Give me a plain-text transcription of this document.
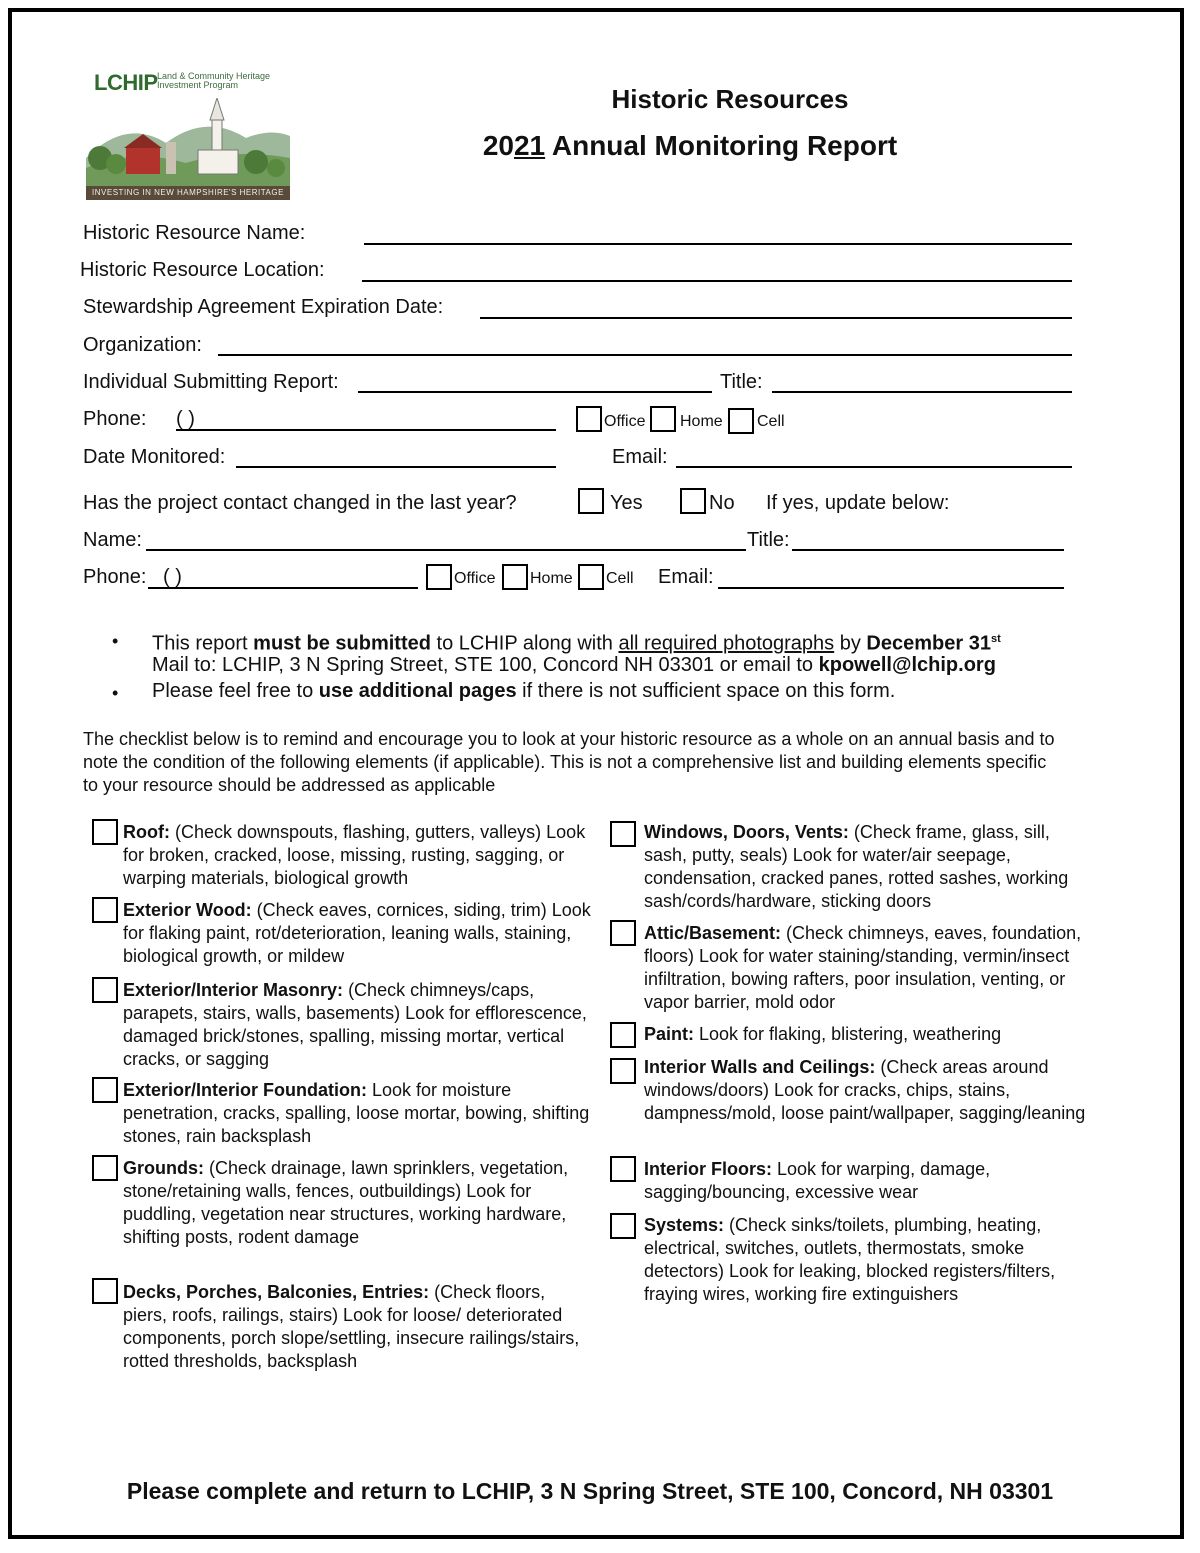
LCHIP Land & Community Heritage Investment Program
INVESTING IN NEW HAMPSHIRE'S HERITAGE
Historic Resources
2021 Annual Monitoring Report
Historic Resource Name:
Historic Resource Location:
Stewardship Agreement Expiration Date:
Organization:
Individual Submitting Report:	Title:
Phone: ( )	Office Home Cell
Date Monitored:	Email:
Has the project contact changed in the last year?	Yes	No If yes, update below:
Name:	Title:
Phone: ( )	Office Home Cell Email:
• This report must be submitted to LCHIP along with all required photographs by December 31st
Mail to: LCHIP, 3 N Spring Street, STE 100, Concord NH 03301 or email to kpowell@lchip.org
• Please feel free to use additional pages if there is not sufficient space on this form.
The checklist below is to remind and encourage you to look at your historic resource as a whole on an annual basis and to note the condition of the following elements (if applicable). This is not a comprehensive list and building elements specific to your resource should be addressed as applicable
Roof: (Check downspouts, flashing, gutters, valleys) Look for broken, cracked, loose, missing, rusting, sagging, or warping materials, biological growth
Exterior Wood: (Check eaves, cornices, siding, trim) Look for flaking paint, rot/deterioration, leaning walls, staining, biological growth, or mildew
Exterior/Interior Masonry: (Check chimneys/caps, parapets, stairs, walls, basements) Look for efflorescence, damaged brick/stones, spalling, missing mortar, vertical cracks, or sagging
Exterior/Interior Foundation: Look for moisture penetration, cracks, spalling, loose mortar, bowing, shifting stones, rain backsplash
Grounds: (Check drainage, lawn sprinklers, vegetation, stone/retaining walls, fences, outbuildings) Look for puddling, vegetation near structures, working hardware, shifting posts, rodent damage
Decks, Porches, Balconies, Entries: (Check floors, piers, roofs, railings, stairs) Look for loose/ deteriorated components, porch slope/settling, insecure railings/stairs, rotted thresholds, backsplash
Windows, Doors, Vents: (Check frame, glass, sill, sash, putty, seals) Look for water/air seepage, condensation, cracked panes, rotted sashes, working sash/cords/hardware, sticking doors
Attic/Basement: (Check chimneys, eaves, foundation, floors) Look for water staining/standing, vermin/insect infiltration, bowing rafters, poor insulation, venting, or vapor barrier, mold odor
Paint: Look for flaking, blistering, weathering
Interior Walls and Ceilings: (Check areas around windows/doors) Look for cracks, chips, stains, dampness/mold, loose paint/wallpaper, sagging/leaning
Interior Floors: Look for warping, damage, sagging/bouncing, excessive wear
Systems: (Check sinks/toilets, plumbing, heating, electrical, switches, outlets, thermostats, smoke detectors) Look for leaking, blocked registers/filters, fraying wires, working fire extinguishers
Please complete and return to LCHIP, 3 N Spring Street, STE 100, Concord, NH 03301
